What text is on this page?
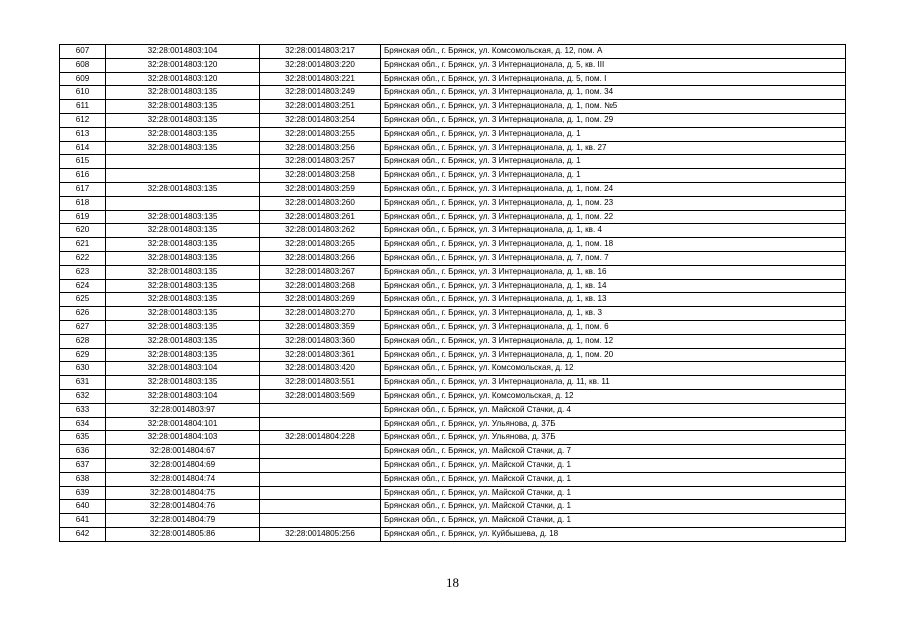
607	32:28:0014803:104	32:28:0014803:217	Брянская обл., г. Брянск, ул. Комсомольская, д. 12, пом. А
608	32:28:0014803:120	32:28:0014803:220	Брянская обл., г. Брянск, ул. 3 Интернационала, д. 5, кв. III
609	32:28:0014803:120	32:28:0014803:221	Брянская обл., г. Брянск, ул. 3 Интернационала, д. 5, пом. I
610	32:28:0014803:135	32:28:0014803:249	Брянская обл., г. Брянск, ул. 3 Интернационала, д. 1, пом. 34
611	32:28:0014803:135	32:28:0014803:251	Брянская обл., г. Брянск, ул. 3 Интернационала, д. 1, пом. №5
612	32:28:0014803:135	32:28:0014803:254	Брянская обл., г. Брянск, ул. 3 Интернационала, д. 1, пом. 29
613	32:28:0014803:135	32:28:0014803:255	Брянская обл., г. Брянск, ул. 3 Интернационала, д. 1
614	32:28:0014803:135	32:28:0014803:256	Брянская обл., г. Брянск, ул. 3 Интернационала, д. 1, кв. 27
615		32:28:0014803:257	Брянская обл., г. Брянск, ул. 3 Интернационала, д. 1
616		32:28:0014803:258	Брянская обл., г. Брянск, ул. 3 Интернационала, д. 1
617	32:28:0014803:135	32:28:0014803:259	Брянская обл., г. Брянск, ул. 3 Интернационала, д. 1, пом. 24
618		32:28:0014803:260	Брянская обл., г. Брянск, ул. 3 Интернационала, д. 1, пом. 23
619	32:28:0014803:135	32:28:0014803:261	Брянская обл., г. Брянск, ул. 3 Интернационала, д. 1, пом. 22
620	32:28:0014803:135	32:28:0014803:262	Брянская обл., г. Брянск, ул. 3 Интернационала, д. 1, кв. 4
621	32:28:0014803:135	32:28:0014803:265	Брянская обл., г. Брянск, ул. 3 Интернационала, д. 1, пом. 18
622	32:28:0014803:135	32:28:0014803:266	Брянская обл., г. Брянск, ул. 3 Интернационала, д. 7, пом. 7
623	32:28:0014803:135	32:28:0014803:267	Брянская обл., г. Брянск, ул. 3 Интернационала, д. 1, кв. 16
624	32:28:0014803:135	32:28:0014803:268	Брянская обл., г. Брянск, ул. 3 Интернационала, д. 1, кв. 14
625	32:28:0014803:135	32:28:0014803:269	Брянская обл., г. Брянск, ул. 3 Интернационала, д. 1, кв. 13
626	32:28:0014803:135	32:28:0014803:270	Брянская обл., г. Брянск, ул. 3 Интернационала, д. 1, кв. 3
627	32:28:0014803:135	32:28:0014803:359	Брянская обл., г. Брянск, ул. 3 Интернационала, д. 1, пом. 6
628	32:28:0014803:135	32:28:0014803:360	Брянская обл., г. Брянск, ул. 3 Интернационала, д. 1, пом. 12
629	32:28:0014803:135	32:28:0014803:361	Брянская обл., г. Брянск, ул. 3 Интернационала, д. 1, пом. 20
630	32:28:0014803:104	32:28:0014803:420	Брянская обл., г. Брянск, ул. Комсомольская, д. 12
631	32:28:0014803:135	32:28:0014803:551	Брянская обл., г. Брянск, ул. 3 Интернационала, д. 11, кв. 11
632	32:28:0014803:104	32:28:0014803:569	Брянская обл., г. Брянск, ул. Комсомольская, д. 12
633	32:28:0014803:97		Брянская обл., г. Брянск, ул. Майской Стачки, д. 4
634	32:28:0014804:101		Брянская обл., г. Брянск, ул. Ульянова, д. 37Б
635	32:28:0014804:103	32:28:0014804:228	Брянская обл., г. Брянск, ул. Ульянова, д. 37Б
636	32:28:0014804:67		Брянская обл., г. Брянск, ул. Майской Стачки, д. 7
637	32:28:0014804:69		Брянская обл., г. Брянск, ул. Майской Стачки, д. 1
638	32:28:0014804:74		Брянская обл., г. Брянск, ул. Майской Стачки, д. 1
639	32:28:0014804:75		Брянская обл., г. Брянск, ул. Майской Стачки, д. 1
640	32:28:0014804:76		Брянская обл., г. Брянск, ул. Майской Стачки, д. 1
641	32:28:0014804:79		Брянская обл., г. Брянск, ул. Майской Стачки, д. 1
642	32:28:0014805:86	32:28:0014805:256	Брянская обл., г. Брянск, ул. Куйбышева, д. 18
18
